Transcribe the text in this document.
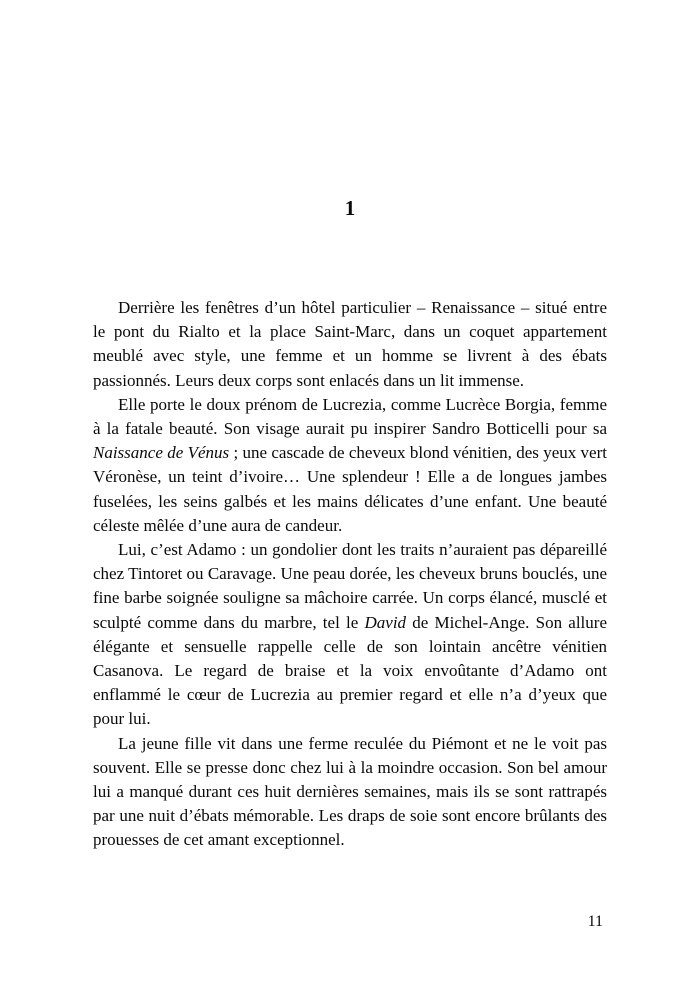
1

Derrière les fenêtres d’un hôtel particulier – Renaissance – situé entre le pont du Rialto et la place Saint-Marc, dans un coquet appartement meublé avec style, une femme et un homme se livrent à des ébats passionnés. Leurs deux corps sont enlacés dans un lit immense.

Elle porte le doux prénom de Lucrezia, comme Lucrèce Borgia, femme à la fatale beauté. Son visage aurait pu inspirer Sandro Botticelli pour sa Naissance de Vénus ; une cascade de cheveux blond vénitien, des yeux vert Véronèse, un teint d’ivoire… Une splendeur ! Elle a de longues jambes fuselées, les seins galbés et les mains délicates d’une enfant. Une beauté céleste mêlée d’une aura de candeur.

Lui, c’est Adamo : un gondolier dont les traits n’auraient pas dépareillé chez Tintoret ou Caravage. Une peau dorée, les cheveux bruns bouclés, une fine barbe soignée souligne sa mâchoire carrée. Un corps élancé, musclé et sculpté comme dans du marbre, tel le David de Michel-Ange. Son allure élégante et sensuelle rappelle celle de son lointain ancêtre vénitien Casanova. Le regard de braise et la voix envoûtante d’Adamo ont enflammé le cœur de Lucrezia au premier regard et elle n’a d’yeux que pour lui.

La jeune fille vit dans une ferme reculée du Piémont et ne le voit pas souvent. Elle se presse donc chez lui à la moindre occasion. Son bel amour lui a manqué durant ces huit dernières semaines, mais ils se sont rattrapés par une nuit d’ébats mémorable. Les draps de soie sont encore brûlants des prouesses de cet amant exceptionnel.

11
